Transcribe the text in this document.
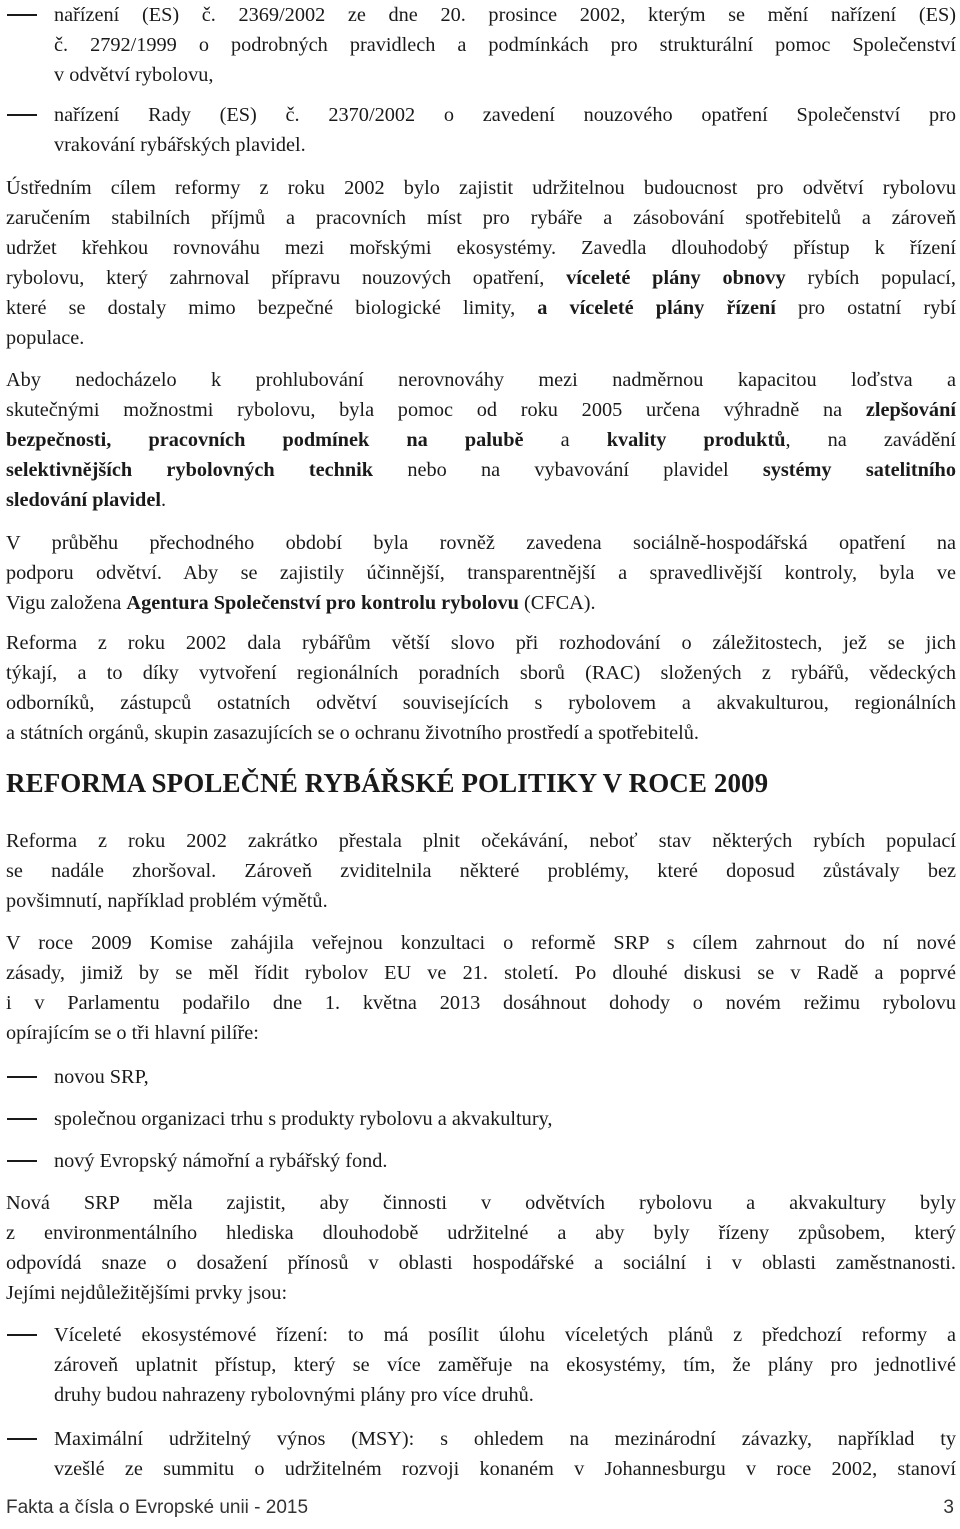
nařízení (ES) č. 2369/2002 ze dne 20. prosince 2002, kterým se mění nařízení (ES)
č. 2792/1999 o podrobných pravidlech a podmínkách pro strukturální pomoc Společenství
v odvětví rybolovu,

nařízení Rady (ES) č. 2370/2002 o zavedení nouzového opatření Společenství pro
vrakování rybářských plavidel.

Ústředním cílem reformy z roku 2002 bylo zajistit udržitelnou budoucnost pro odvětví rybolovu
zaručením stabilních příjmů a pracovních míst pro rybáře a zásobování spotřebitelů a zároveň
udržet křehkou rovnováhu mezi mořskými ekosystémy. Zavedla dlouhodobý přístup k řízení
rybolovu, který zahrnoval přípravu nouzových opatření, víceleté plány obnovy rybích populací,
které se dostaly mimo bezpečné biologické limity, a víceleté plány řízení pro ostatní rybí
populace.

Aby nedocházelo k prohlubování nerovnováhy mezi nadměrnou kapacitou loďstva a
skutečnými možnostmi rybolovu, byla pomoc od roku 2005 určena výhradně na zlepšování
bezpečnosti, pracovních podmínek na palubě a kvality produktů, na zavádění
selektivnějších rybolovných technik nebo na vybavování plavidel systémy satelitního
sledování plavidel.

V průběhu přechodného období byla rovněž zavedena sociálně-hospodářská opatření na
podporu odvětví. Aby se zajistily účinnější, transparentnější a spravedlivější kontroly, byla ve
Vigu založena Agentura Společenství pro kontrolu rybolovu (CFCA).

Reforma z roku 2002 dala rybářům větší slovo při rozhodování o záležitostech, jež se jich
týkají, a to díky vytvoření regionálních poradních sborů (RAC) složených z rybářů, vědeckých
odborníků, zástupců ostatních odvětví souvisejících s rybolovem a akvakulturou, regionálních
a státních orgánů, skupin zasazujících se o ochranu životního prostředí a spotřebitelů.

REFORMA SPOLEČNÉ RYBÁŘSKÉ POLITIKY V ROCE 2009

Reforma z roku 2002 zakrátko přestala plnit očekávání, neboť stav některých rybích populací
se nadále zhoršoval. Zároveň zviditelnila některé problémy, které doposud zůstávaly bez
povšimnutí, například problém výmětů.

V roce 2009 Komise zahájila veřejnou konzultaci o reformě SRP s cílem zahrnout do ní nové
zásady, jimiž by se měl řídit rybolov EU ve 21. století. Po dlouhé diskusi se v Radě a poprvé
i v Parlamentu podařilo dne 1. května 2013 dosáhnout dohody o novém režimu rybolovu
opírajícím se o tři hlavní pilíře:

novou SRP,

společnou organizaci trhu s produkty rybolovu a akvakultury,

nový Evropský námořní a rybářský fond.

Nová SRP měla zajistit, aby činnosti v odvětvích rybolovu a akvakultury byly
z environmentálního hlediska dlouhodobě udržitelné a aby byly řízeny způsobem, který
odpovídá snaze o dosažení přínosů v oblasti hospodářské a sociální i v oblasti zaměstnanosti.
Jejími nejdůležitějšími prvky jsou:

Víceleté ekosystémové řízení: to má posílit úlohu víceletých plánů z předchozí reformy a
zároveň uplatnit přístup, který se více zaměřuje na ekosystémy, tím, že plány pro jednotlivé
druhy budou nahrazeny rybolovnými plány pro více druhů.

Maximální udržitelný výnos (MSY): s ohledem na mezinárodní závazky, například ty
vzešlé ze summitu o udržitelném rozvoji konaném v Johannesburgu v roce 2002, stanoví

Fakta a čísla o Evropské unii - 2015	3
